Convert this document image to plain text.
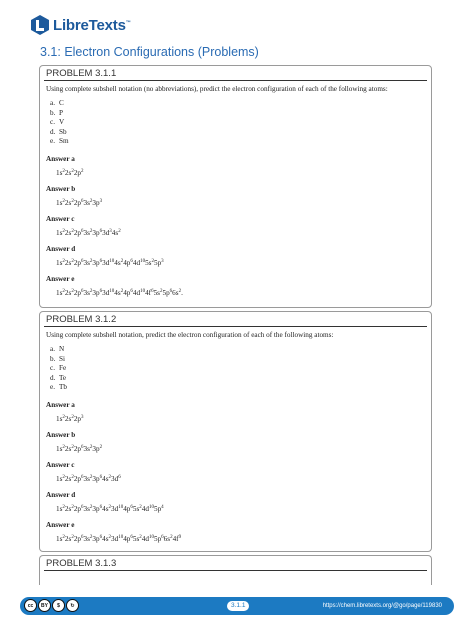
LibreTexts™
3.1: Electron Configurations (Problems)
PROBLEM 3.1.1

Using complete subshell notation (no abbreviations), predict the electron configuration of each of the following atoms:

a. C
b. P
c. V
d. Sb
e. Sm
Answer a
$1s^22s^22p^2$
Answer b
$1s^22s^22p^63s^23p^3$
Answer c
$1s^22s^22p^63s^23p^63d^34s^2$
Answer d
$1s^22s^22p^63s^23p^63d^{10}4s^24p^64d^{10}5s^25p^3$
Answer e
$1s^22s^22p^63s^23p^63d^{10}4s^24p^64d^{10}4f^65s^25p^66s^2$.
PROBLEM 3.1.2

Using complete subshell notation, predict the electron configuration of each of the following atoms:

a. N
b. Si
c. Fe
d. Te
e. Tb
Answer a
$1s^22s^22p^3$
Answer b
$1s^22s^22p^63s^23p^2$
Answer c
$1s^22s^22p^63s^23p^64s^23d^6$
Answer d
$1s^22s^22p^63s^23p^64s^23d^{10}4p^65s^24d^{10}5p^4$
Answer e
$1s^22s^22p^63s^23p^64s^23d^{10}4p^65s^24d^{10}5p^66s^24f^9$
PROBLEM 3.1.3
cc	BY	$	↻	3.1.1	https://chem.libretexts.org/@go/page/119830
